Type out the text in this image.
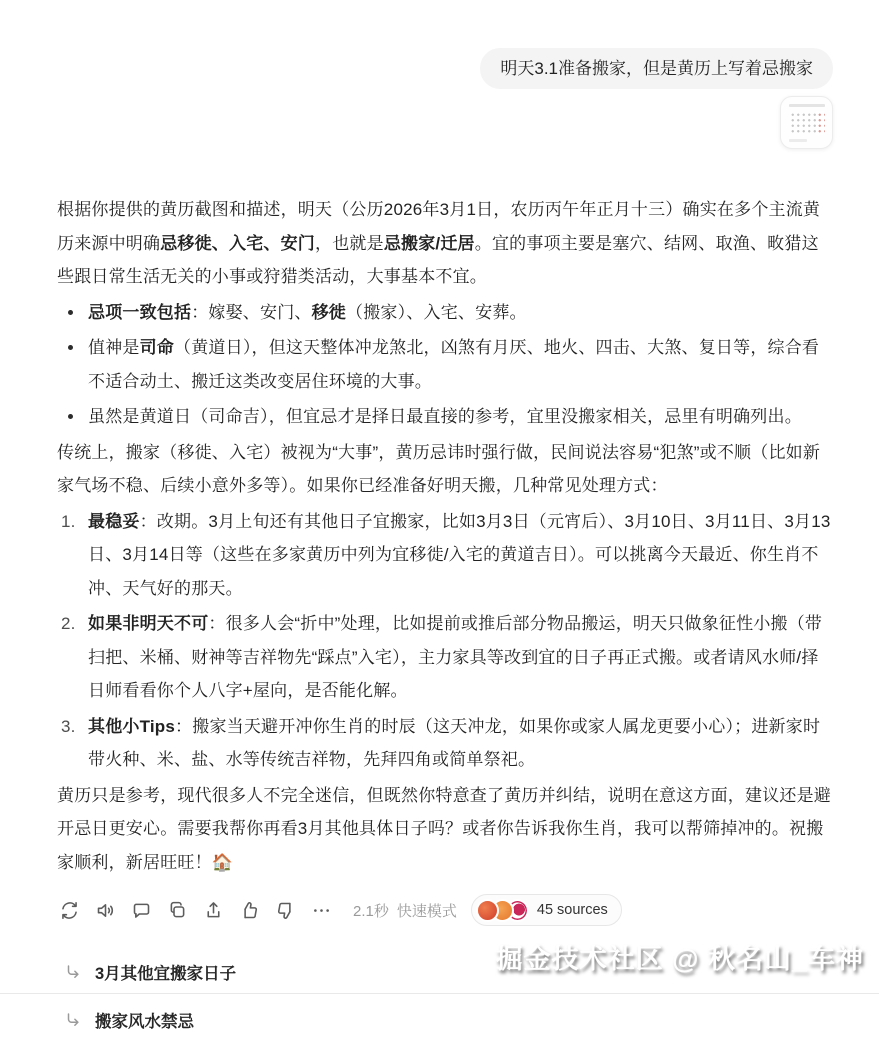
明天3.1准备搬家，但是黄历上写着忌搬家

根据你提供的黄历截图和描述，明天（公历2026年3月1日，农历丙午年正月十三）确实在多个主流黄历来源中明确忌移徙、入宅、安门，也就是忌搬家/迁居。宜的事项主要是塞穴、结网、取渔、畋猎这些跟日常生活无关的小事或狩猎类活动，大事基本不宜。

忌项一致包括：嫁娶、安门、移徙（搬家）、入宅、安葬。
值神是司命（黄道日），但这天整体冲龙煞北，凶煞有月厌、地火、四击、大煞、复日等，综合看不适合动土、搬迁这类改变居住环境的大事。
虽然是黄道日（司命吉），但宜忌才是择日最直接的参考，宜里没搬家相关，忌里有明确列出。

传统上，搬家（移徙、入宅）被视为“大事”，黄历忌讳时强行做，民间说法容易“犯煞”或不顺（比如新家气场不稳、后续小意外多等）。如果你已经准备好明天搬，几种常见处理方式：

最稳妥：改期。3月上旬还有其他日子宜搬家，比如3月3日（元宵后）、3月10日、3月11日、3月13日、3月14日等（这些在多家黄历中列为宜移徙/入宅的黄道吉日）。可以挑离今天最近、你生肖不冲、天气好的那天。
如果非明天不可：很多人会“折中”处理，比如提前或推后部分物品搬运，明天只做象征性小搬（带扫把、米桶、财神等吉祥物先“踩点”入宅），主力家具等改到宜的日子再正式搬。或者请风水师/择日师看看你个人八字+屋向，是否能化解。
其他小Tips：搬家当天避开冲你生肖的时辰（这天冲龙，如果你或家人属龙更要小心）；进新家时带火种、米、盐、水等传统吉祥物，先拜四角或简单祭祀。

黄历只是参考，现代很多人不完全迷信，但既然你特意查了黄历并纠结，说明在意这方面，建议还是避开忌日更安心。需要我帮你再看3月其他具体日子吗？或者你告诉我你生肖，我可以帮筛掉冲的。祝搬家顺利，新居旺旺！🏠

2.1秒 快速模式	45 sources
3月其他宜搬家日子
搬家风水禁忌
掘金技术社区 @ 秋名山_车神
